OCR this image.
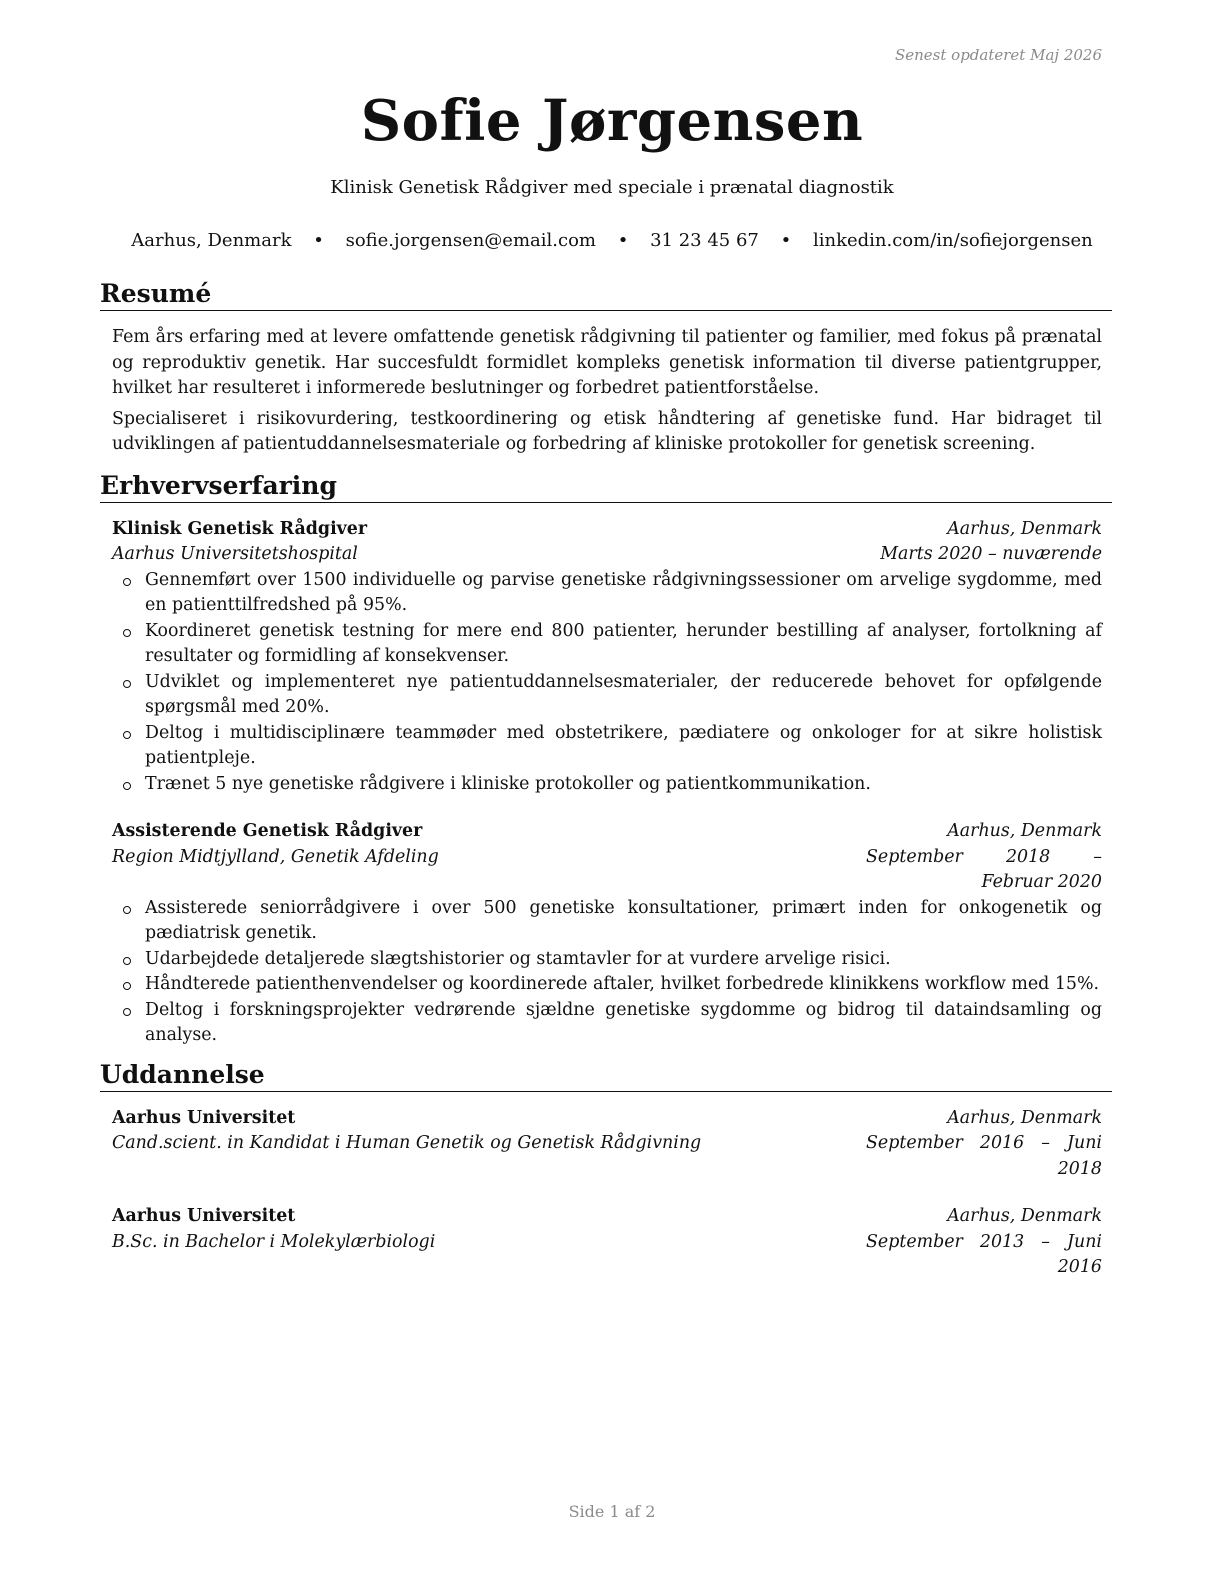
Senest opdateret Maj 2026
Sofie Jørgensen
Klinisk Genetisk Rådgiver med speciale i prænatal diagnostik
Aarhus, Denmark • sofie.jorgensen@email.com • 31 23 45 67 • linkedin.com/in/sofiejorgensen
Resumé

Fem års erfaring med at levere omfattende genetisk rådgivning til patienter og familier, med fokus på prænatal og reproduktiv genetik. Har succesfuldt formidlet kompleks genetisk information til diverse patientgrupper, hvilket har resulteret i informerede beslutninger og forbedret patientforståelse.

Specialiseret i risikovurdering, testkoordinering og etisk håndtering af genetiske fund. Har bidraget til udviklingen af patientuddannelsesmateriale og forbedring af kliniske protokoller for genetisk screening.

Erhvervserfaring
Klinisk Genetisk Rådgiver	Aarhus, Denmark
Aarhus Universitetshospital	Marts 2020 – nuværende
Gennemført over 1500 individuelle og parvise genetiske rådgivningssessioner om arvelige sygdomme, med en patienttilfredshed på 95%.
Koordineret genetisk testning for mere end 800 patienter, herunder bestilling af analyser, fortolkning af resultater og formidling af konsekvenser.
Udviklet og implementeret nye patientuddannelsesmaterialer, der reducerede behovet for opfølgende spørgsmål med 20%.
Deltog i multidisciplinære teammøder med obstetrikere, pædiatere og onkologer for at sikre holistisk patientpleje.
Trænet 5 nye genetiske rådgivere i kliniske protokoller og patientkommunikation.
Assisterende Genetisk Rådgiver	Aarhus, Denmark
Region Midtjylland, Genetik Afdeling	September 2018 – Februar 2020
Assisterede seniorrådgivere i over 500 genetiske konsultationer, primært inden for onkogenetik og pædiatrisk genetik.
Udarbejdede detaljerede slægtshistorier og stamtavler for at vurdere arvelige risici.
Håndterede patienthenvendelser og koordinerede aftaler, hvilket forbedrede klinikkens workflow med 15%.
Deltog i forskningsprojekter vedrørende sjældne genetiske sygdomme og bidrog til dataindsamling og analyse.
Uddannelse
Aarhus Universitet	Aarhus, Denmark
Cand.scient. in Kandidat i Human Genetik og Genetisk Rådgivning	September 2016 – Juni 2018
Aarhus Universitet	Aarhus, Denmark
B.Sc. in Bachelor i Molekylærbiologi	September 2013 – Juni 2016
Side 1 af 2
